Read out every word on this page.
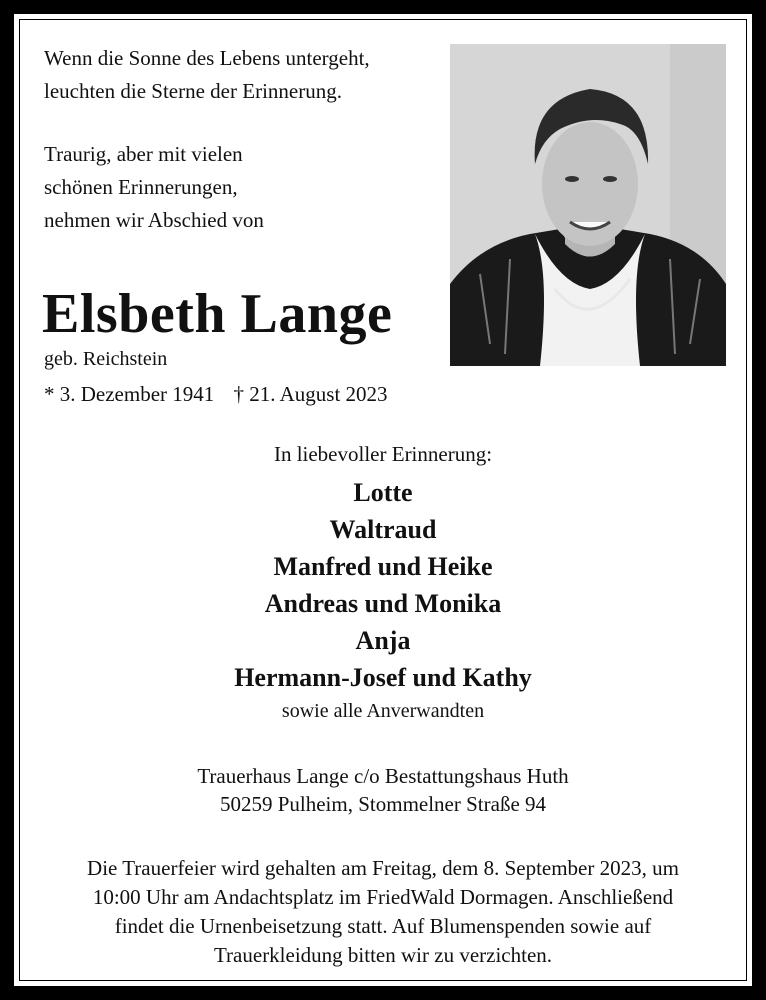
Wenn die Sonne des Lebens untergeht,

leuchten die Sterne der Erinnerung.

Traurig, aber mit vielen

schönen Erinnerungen,

nehmen wir Abschied von

Elsbeth Lange
geb. Reichstein
* 3. Dezember 1941 † 21. August 2023
In liebevoller Erinnerung:
Lotte
Waltraud
Manfred und Heike
Andreas und Monika
Anja
Hermann-Josef und Kathy
sowie alle Anverwandten
Trauerhaus Lange c/o Bestattungshaus Huth
50259 Pulheim, Stommelner Straße 94
Die Trauerfeier wird gehalten am Freitag, dem 8. September 2023, um
10:00 Uhr am Andachtsplatz im FriedWald Dormagen. Anschließend
findet die Urnenbeisetzung statt. Auf Blumenspenden sowie auf
Trauerkleidung bitten wir zu verzichten.
